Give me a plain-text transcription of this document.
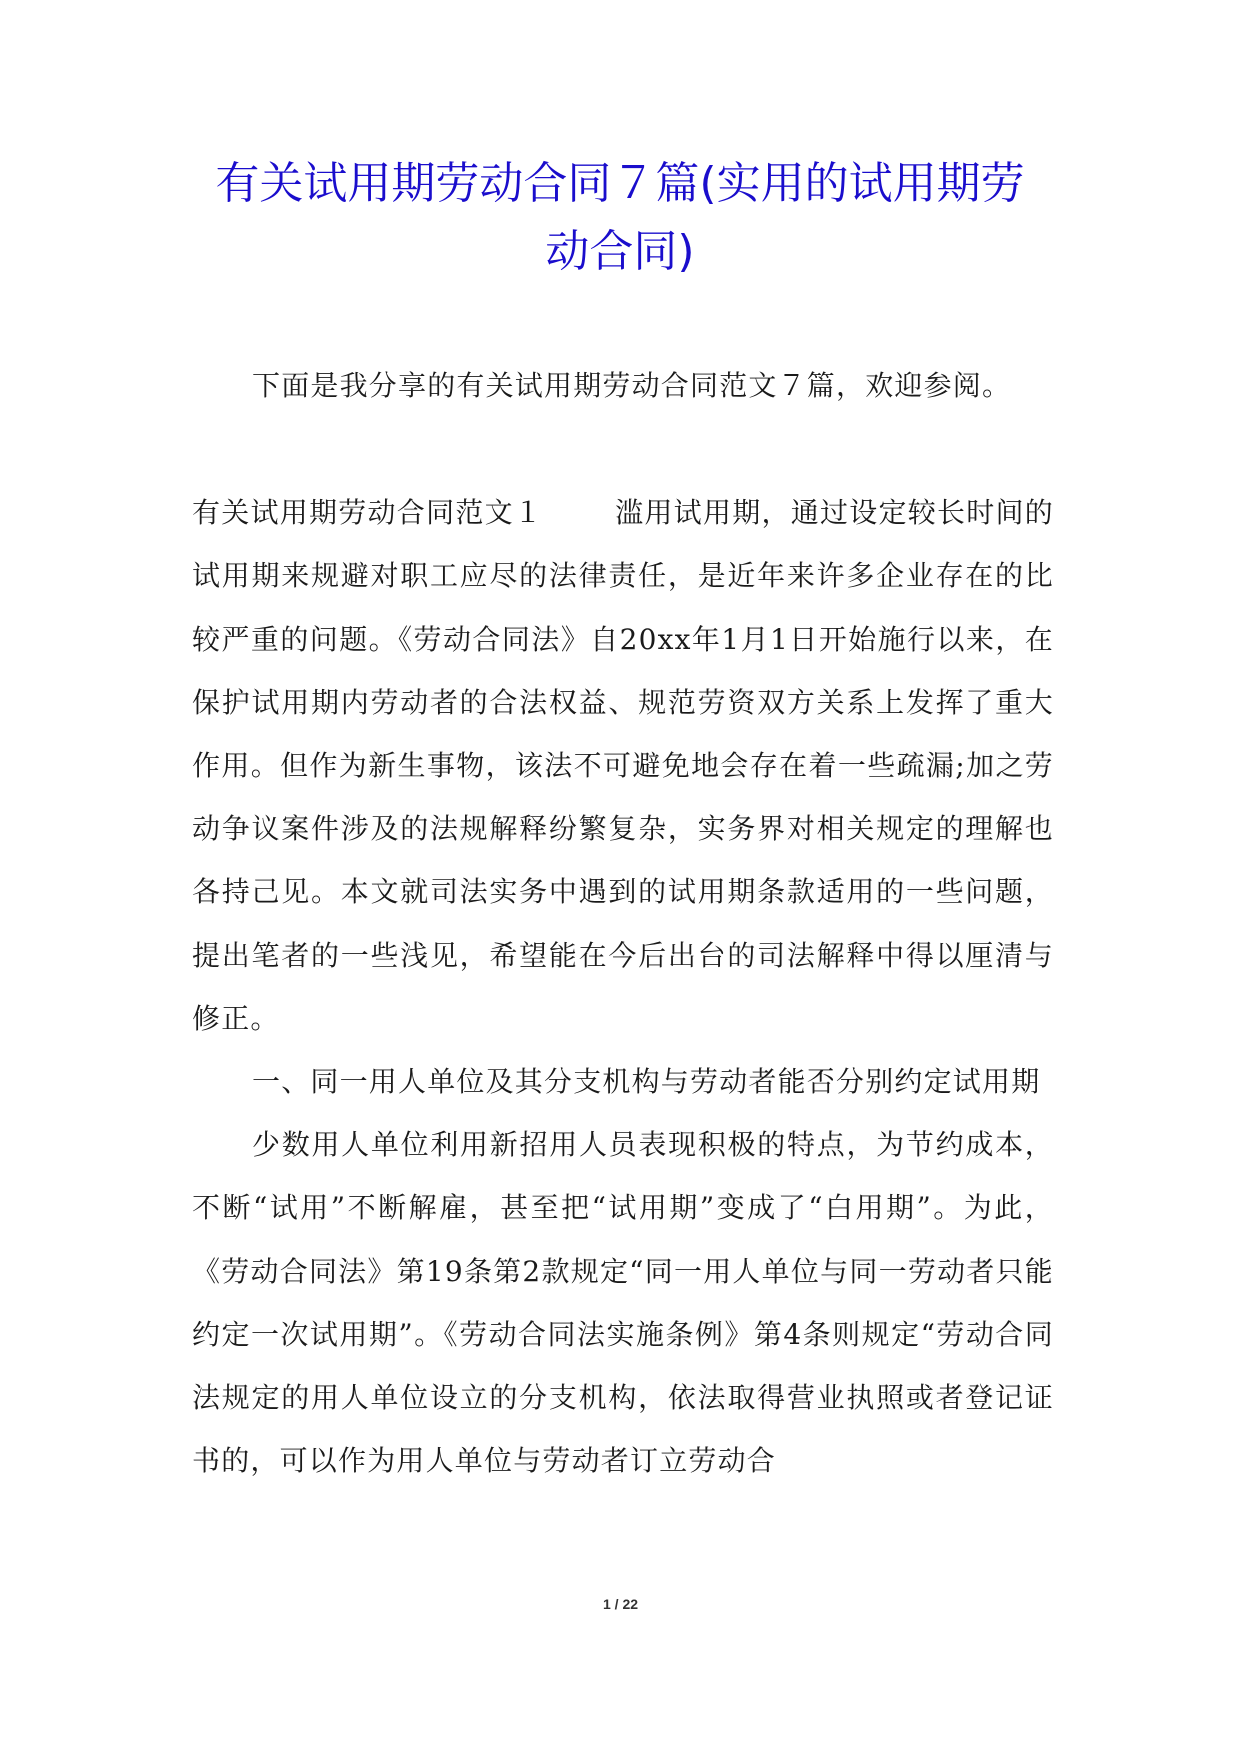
有关试用期劳动合同７篇(实用的试用期劳
动合同)

下面是我分享的有关试用期劳动合同范文７篇，欢迎参阅。

有关试用期劳动合同范文１	滥用试用期，通过设定较长时间的试用期来规避对职工应尽的法律责任，是近年来许多企业存在的比较严重的问题。《劳动合同法》自20xx年1月1日开始施行以来，在保护试用期内劳动者的合法权益、规范劳资双方关系上发挥了重大作用。但作为新生事物，该法不可避免地会存在着一些疏漏;加之劳动争议案件涉及的法规解释纷繁复杂，实务界对相关规定的理解也各持己见。本文就司法实务中遇到的试用期条款适用的一些问题，提出笔者的一些浅见，希望能在今后出台的司法解释中得以厘清与修正。

一、同一用人单位及其分支机构与劳动者能否分别约定试用期

少数用人单位利用新招用人员表现积极的特点，为节约成本，不断“试用”不断解雇，甚至把“试用期”变成了“白用期”。为此，《劳动合同法》第19条第2款规定“同一用人单位与同一劳动者只能约定一次试用期”。《劳动合同法实施条例》第4条则规定“劳动合同法规定的用人单位设立的分支机构，依法取得营业执照或者登记证书的，可以作为用人单位与劳动者订立劳动合

1 / 22
